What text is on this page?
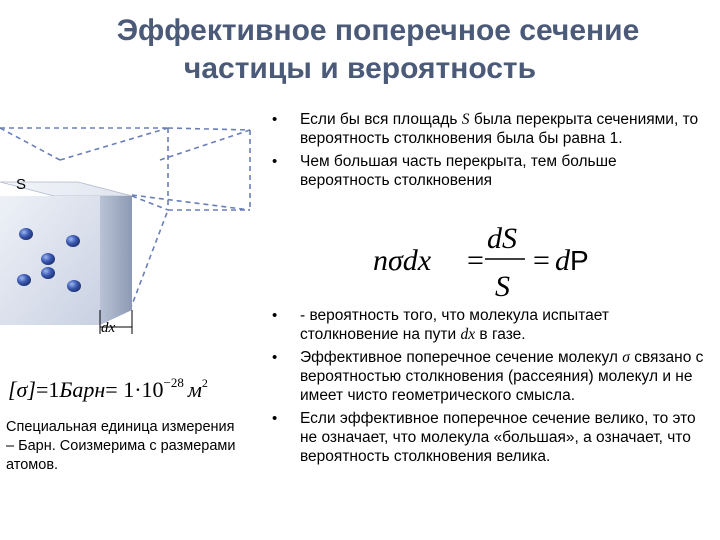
Эффективное поперечное сечение
частицы и вероятность
dx
S
[σ]=1Барн= $1\cdot 10^{-28}$ $м^2$
Специальная единица измерения – Барн. Соизмерима с размерами атомов.
• Если бы вся площадь S была перекрыта сечениями, то вероятность столкновения была бы равна 1.
• Чем большая часть перекрыта, тем больше вероятность столкновения
nσdx =
dS
S
= dP
• - вероятность того, что молекула испытает столкновение на пути dx в газе.
• Эффективное поперечное сечение молекул σ связано с вероятностью столкновения (рассеяния) молекул и не имеет чисто геометрического смысла.
• Если эффективное поперечное сечение велико, то это не означает, что молекула «большая», а означает, что вероятность столкновения велика.
